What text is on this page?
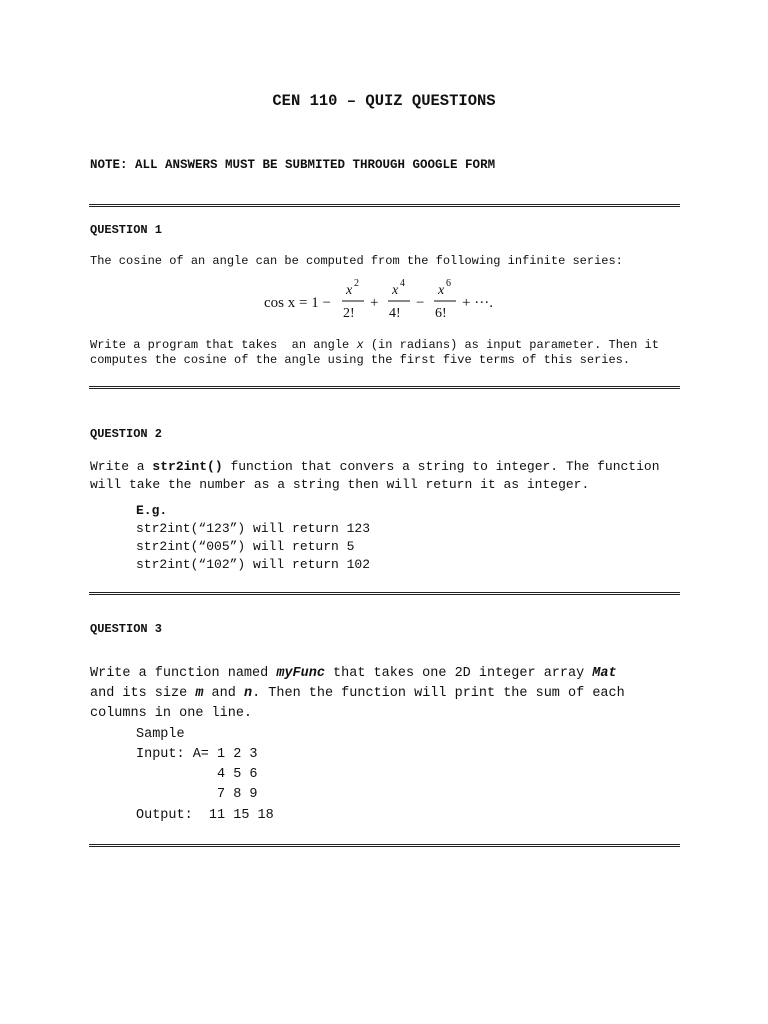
CEN 110 – QUIZ QUESTIONS
NOTE: ALL ANSWERS MUST BE SUBMITED THROUGH GOOGLE FORM
QUESTION 1
The cosine of an angle can be computed from the following infinite series:
cos x = 1 −
x 2
2!
+
x 4
4!
−
x 6
6!
+ ···.
Write a program that takes  an angle x (in radians) as input parameter. Then it
computes the cosine of the angle using the first five terms of this series.
QUESTION 2
Write a str2int() function that convers a string to integer. The function
will take the number as a string then will return it as integer.
E.g.
str2int(“123”) will return 123
str2int(“005”) will return 5
str2int(“102”) will return 102
QUESTION 3
Write a function named myFunc that takes one 2D integer array Mat
and its size m and n. Then the function will print the sum of each
columns in one line.
Sample
Input: A= 1 2 3
4 5 6
7 8 9
Output:  11 15 18
